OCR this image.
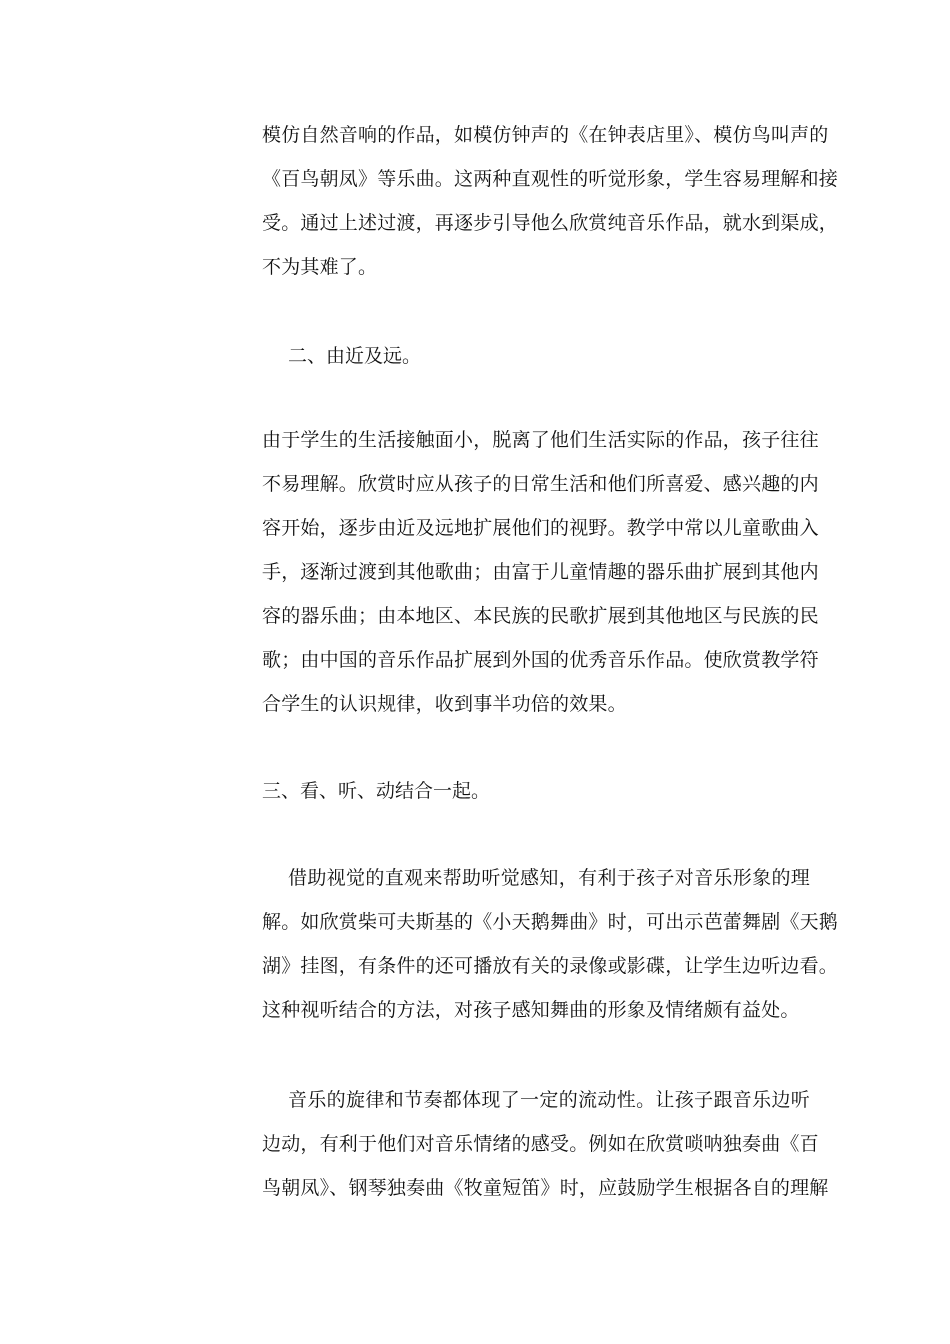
模仿自然音响的作品，如模仿钟声的《在钟表店里》、模仿鸟叫声的
《百鸟朝凤》等乐曲。这两种直观性的听觉形象，学生容易理解和接
受。通过上述过渡，再逐步引导他么欣赏纯音乐作品，就水到渠成，
不为其难了。
二、由近及远。
由于学生的生活接触面小，脱离了他们生活实际的作品，孩子往往
不易理解。欣赏时应从孩子的日常生活和他们所喜爱、感兴趣的内
容开始，逐步由近及远地扩展他们的视野。教学中常以儿童歌曲入
手，逐渐过渡到其他歌曲；由富于儿童情趣的器乐曲扩展到其他内
容的器乐曲；由本地区、本民族的民歌扩展到其他地区与民族的民
歌；由中国的音乐作品扩展到外国的优秀音乐作品。使欣赏教学符
合学生的认识规律，收到事半功倍的效果。
三、看、听、动结合一起。
借助视觉的直观来帮助听觉感知，有利于孩子对音乐形象的理
解。如欣赏柴可夫斯基的《小天鹅舞曲》时，可出示芭蕾舞剧《天鹅
湖》挂图，有条件的还可播放有关的录像或影碟，让学生边听边看。
这种视听结合的方法，对孩子感知舞曲的形象及情绪颇有益处。
音乐的旋律和节奏都体现了一定的流动性。让孩子跟音乐边听
边动，有利于他们对音乐情绪的感受。例如在欣赏唢呐独奏曲《百
鸟朝凤》、钢琴独奏曲《牧童短笛》时，应鼓励学生根据各自的理解
